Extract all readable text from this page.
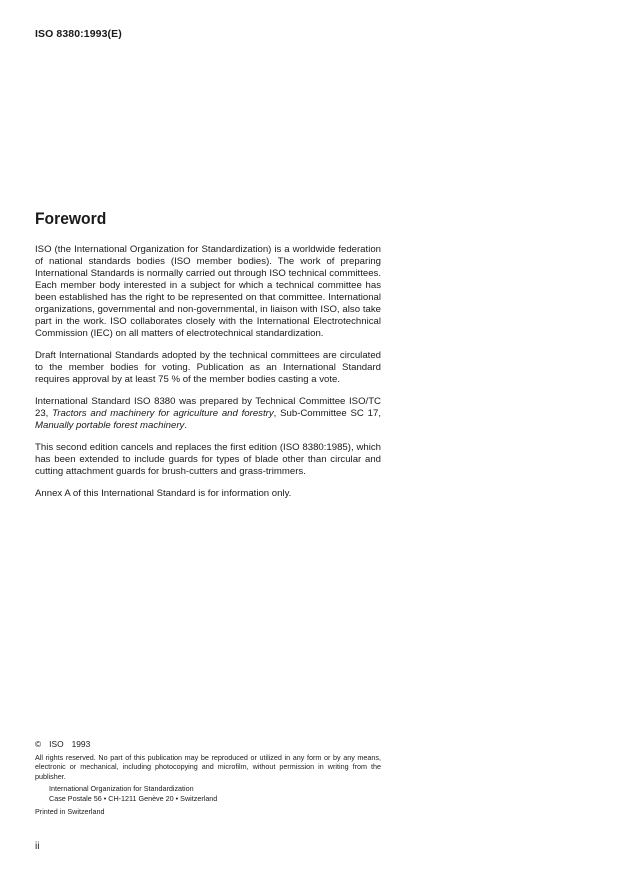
ISO 8380:1993(E)
Foreword

ISO (the International Organization for Standardization) is a worldwide federation of national standards bodies (ISO member bodies). The work of preparing International Standards is normally carried out through ISO technical committees. Each member body interested in a subject for which a technical committee has been established has the right to be represented on that committee. International organizations, governmental and non-governmental, in liaison with ISO, also take part in the work. ISO collaborates closely with the International Electrotechnical Commission (IEC) on all matters of electrotechnical standardization.

Draft International Standards adopted by the technical committees are circulated to the member bodies for voting. Publication as an International Standard requires approval by at least 75 % of the member bodies casting a vote.

International Standard ISO 8380 was prepared by Technical Committee ISO/TC 23, Tractors and machinery for agriculture and forestry, Sub-Committee SC 17, Manually portable forest machinery.

This second edition cancels and replaces the first edition (ISO 8380:1985), which has been extended to include guards for types of blade other than circular and cutting attachment guards for brush-cutters and grass-trimmers.

Annex A of this International Standard is for information only.

© ISO 1993
All rights reserved. No part of this publication may be reproduced or utilized in any form or by any means, electronic or mechanical, including photocopying and microfilm, without permission in writing from the publisher.
International Organization for Standardization
Case Postale 56 • CH-1211 Genève 20 • Switzerland
Printed in Switzerland
ii
